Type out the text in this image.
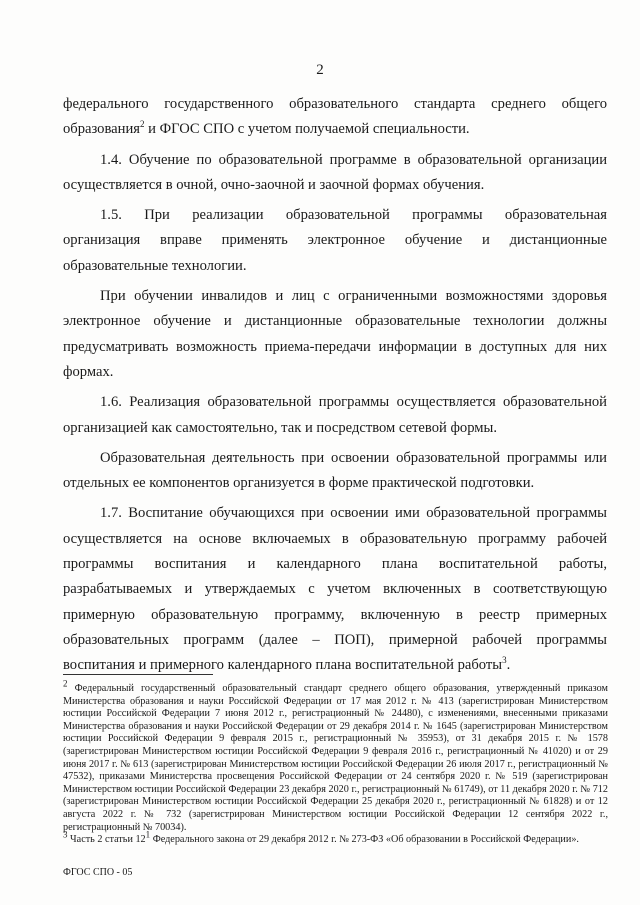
2

федерального государственного образовательного стандарта среднего общего

образования$^2$ и ФГОС СПО с учетом получаемой специальности.

1.4. Обучение по образовательной программе в образовательной организации

осуществляется в очной, очно-заочной и заочной формах обучения.

1.5. При реализации образовательной программы образовательная

организация вправе применять электронное обучение и дистанционные

образовательные технологии.

При обучении инвалидов и лиц с ограниченными возможностями здоровья

электронное обучение и дистанционные образовательные технологии должны

предусматривать возможность приема-передачи информации в доступных для них

формах.

1.6. Реализация образовательной программы осуществляется образовательной

организацией как самостоятельно, так и посредством сетевой формы.

Образовательная деятельность при освоении образовательной программы или

отдельных ее компонентов организуется в форме практической подготовки.

1.7. Воспитание обучающихся при освоении ими образовательной программы

осуществляется на основе включаемых в образовательную программу рабочей

программы воспитания и календарного плана воспитательной работы,

разрабатываемых и утверждаемых с учетом включенных в соответствующую

примерную образовательную программу, включенную в реестр примерных

образовательных программ (далее – ПОП), примерной рабочей программы

воспитания и примерного календарного плана воспитательной работы$^3$.

$^2$ Федеральный государственный образовательный стандарт среднего общего образования, утвержденный приказом Министерства образования и науки Российской Федерации от 17 мая 2012 г. № 413 (зарегистрирован Министерством юстиции Российской Федерации 7 июня 2012 г., регистрационный № 24480), с изменениями, внесенными приказами Министерства образования и науки Российской Федерации от 29 декабря 2014 г. № 1645 (зарегистрирован Министерством юстиции Российской Федерации 9 февраля 2015 г., регистрационный № 35953), от 31 декабря 2015 г. № 1578 (зарегистрирован Министерством юстиции Российской Федерации 9 февраля 2016 г., регистрационный № 41020) и от 29 июня 2017 г. № 613 (зарегистрирован Министерством юстиции Российской Федерации 26 июля 2017 г., регистрационный № 47532), приказами Министерства просвещения Российской Федерации от 24 сентября 2020 г. № 519 (зарегистрирован Министерством юстиции Российской Федерации 23 декабря 2020 г., регистрационный № 61749), от 11 декабря 2020 г. № 712 (зарегистрирован Министерством юстиции Российской Федерации 25 декабря 2020 г., регистрационный № 61828) и от 12 августа 2022 г. № 732 (зарегистрирован Министерством юстиции Российской Федерации 12 сентября 2022 г., регистрационный № 70034).

$^3$ Часть 2 статьи $12^1$ Федерального закона от 29 декабря 2012 г. № 273-ФЗ «Об образовании в Российской Федерации».

ФГОС СПО - 05
